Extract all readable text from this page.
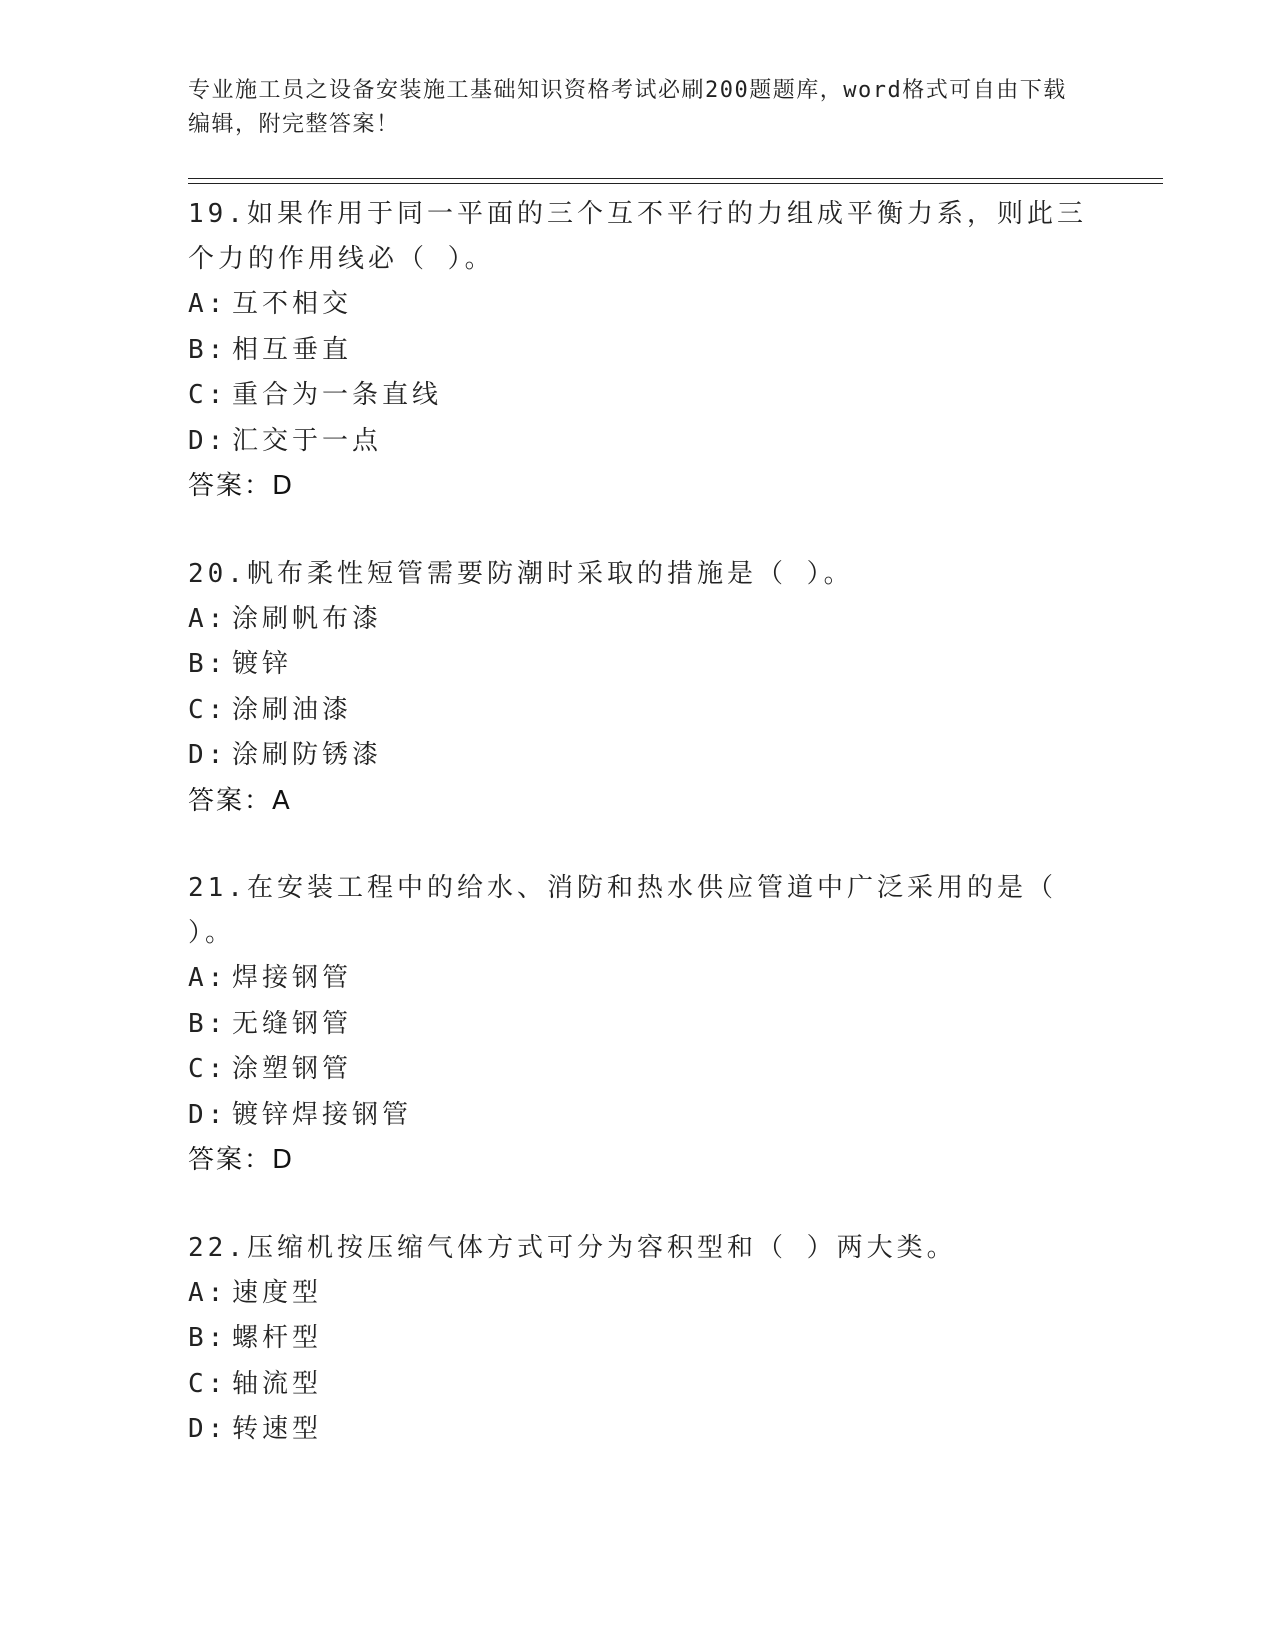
专业施工员之设备安装施工基础知识资格考试必刷200题题库，word格式可自由下载编辑，附完整答案！

19.如果作用于同一平面的三个互不平行的力组成平衡力系，则此三个力的作用线必（ ）。

A: 互不相交
B: 相互垂直
C: 重合为一条直线
D: 汇交于一点

答案：D

20.帆布柔性短管需要防潮时采取的措施是（ ）。

A: 涂刷帆布漆
B: 镀锌
C: 涂刷油漆
D: 涂刷防锈漆

答案：A

21.在安装工程中的给水、消防和热水供应管道中广泛采用的是（ ）。

A: 焊接钢管
B: 无缝钢管
C: 涂塑钢管
D: 镀锌焊接钢管

答案：D

22.压缩机按压缩气体方式可分为容积型和（ ）两大类。

A: 速度型
B: 螺杆型
C: 轴流型
D: 转速型
